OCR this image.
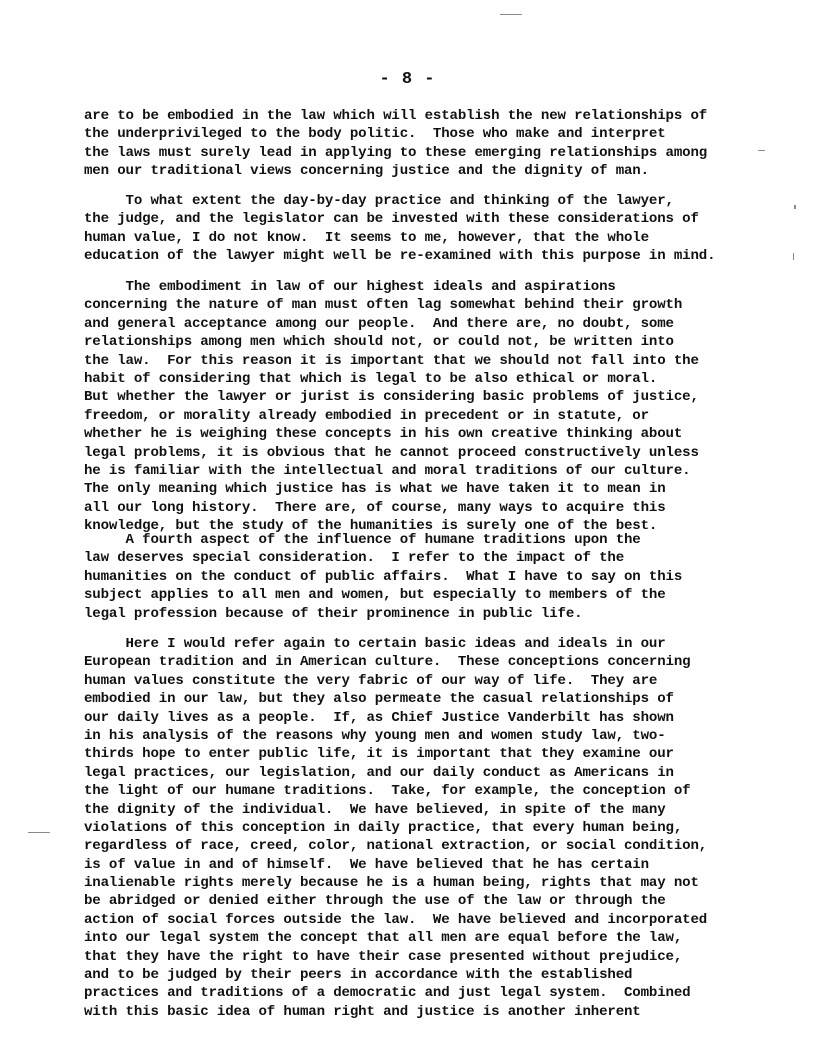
- 8 -
are to be embodied in the law which will establish the new relationships of
the underprivileged to the body politic.  Those who make and interpret
the laws must surely lead in applying to these emerging relationships among
men our traditional views concerning justice and the dignity of man.
To what extent the day-by-day practice and thinking of the lawyer,
the judge, and the legislator can be invested with these considerations of
human value, I do not know.  It seems to me, however, that the whole
education of the lawyer might well be re-examined with this purpose in mind.
The embodiment in law of our highest ideals and aspirations
concerning the nature of man must often lag somewhat behind their growth
and general acceptance among our people.  And there are, no doubt, some
relationships among men which should not, or could not, be written into
the law.  For this reason it is important that we should not fall into the
habit of considering that which is legal to be also ethical or moral.
But whether the lawyer or jurist is considering basic problems of justice,
freedom, or morality already embodied in precedent or in statute, or
whether he is weighing these concepts in his own creative thinking about
legal problems, it is obvious that he cannot proceed constructively unless
he is familiar with the intellectual and moral traditions of our culture.
The only meaning which justice has is what we have taken it to mean in
all our long history.  There are, of course, many ways to acquire this
knowledge, but the study of the humanities is surely one of the best.
A fourth aspect of the influence of humane traditions upon the
law deserves special consideration.  I refer to the impact of the
humanities on the conduct of public affairs.  What I have to say on this
subject applies to all men and women, but especially to members of the
legal profession because of their prominence in public life.
Here I would refer again to certain basic ideas and ideals in our
European tradition and in American culture.  These conceptions concerning
human values constitute the very fabric of our way of life.  They are
embodied in our law, but they also permeate the casual relationships of
our daily lives as a people.  If, as Chief Justice Vanderbilt has shown
in his analysis of the reasons why young men and women study law, two-
thirds hope to enter public life, it is important that they examine our
legal practices, our legislation, and our daily conduct as Americans in
the light of our humane traditions.  Take, for example, the conception of
the dignity of the individual.  We have believed, in spite of the many
violations of this conception in daily practice, that every human being,
regardless of race, creed, color, national extraction, or social condition,
is of value in and of himself.  We have believed that he has certain
inalienable rights merely because he is a human being, rights that may not
be abridged or denied either through the use of the law or through the
action of social forces outside the law.  We have believed and incorporated
into our legal system the concept that all men are equal before the law,
that they have the right to have their case presented without prejudice,
and to be judged by their peers in accordance with the established
practices and traditions of a democratic and just legal system.  Combined
with this basic idea of human right and justice is another inherent
